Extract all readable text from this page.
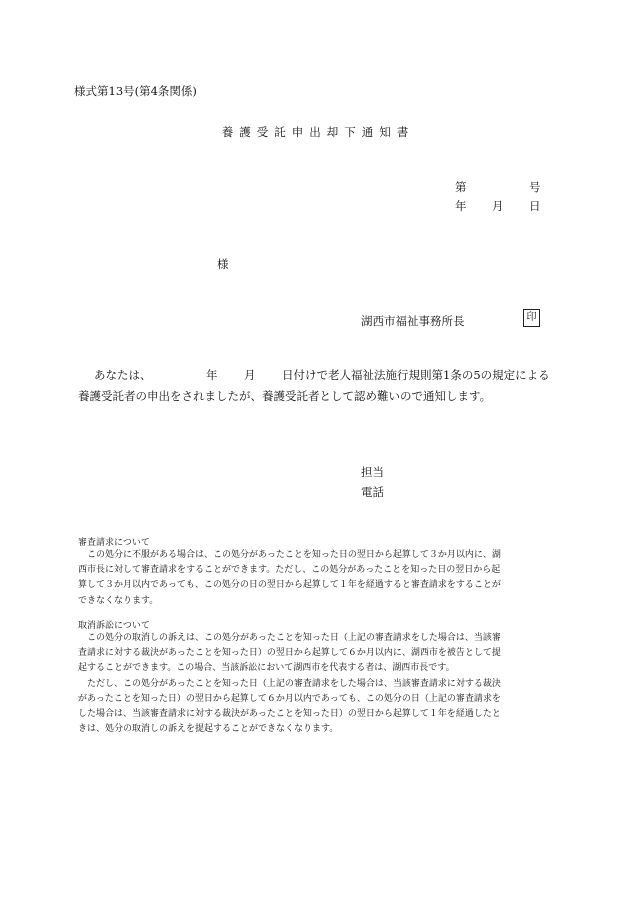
様式第13号(第4条関係)
養護受託申出却下通知書
第	号
年 月 日
様
湖西市福祉事務所長	印
あなたは、	年 月 日付けで老人福祉法施行規則第1条の5の規定による
養護受託者の申出をされましたが、養護受託者として認め難いので通知します。
担当
電話
審査請求について
　この処分に不服がある場合は、この処分があったことを知った日の翌日から起算して３か月以内に、湖
西市長に対して審査請求をすることができます。ただし、この処分があったことを知った日の翌日から起
算して３か月以内であっても、この処分の日の翌日から起算して１年を経過すると審査請求をすることが
できなくなります。
取消訴訟について
　この処分の取消しの訴えは、この処分があったことを知った日（上記の審査請求をした場合は、当該審
査請求に対する裁決があったことを知った日）の翌日から起算して６か月以内に、湖西市を被告として提
起することができます。この場合、当該訴訟において湖西市を代表する者は、湖西市長です。
　ただし、この処分があったことを知った日（上記の審査請求をした場合は、当該審査請求に対する裁決
があったことを知った日）の翌日から起算して６か月以内であっても、この処分の日（上記の審査請求を
した場合は、当該審査請求に対する裁決があったことを知った日）の翌日から起算して１年を経過したと
きは、処分の取消しの訴えを提起することができなくなります。
